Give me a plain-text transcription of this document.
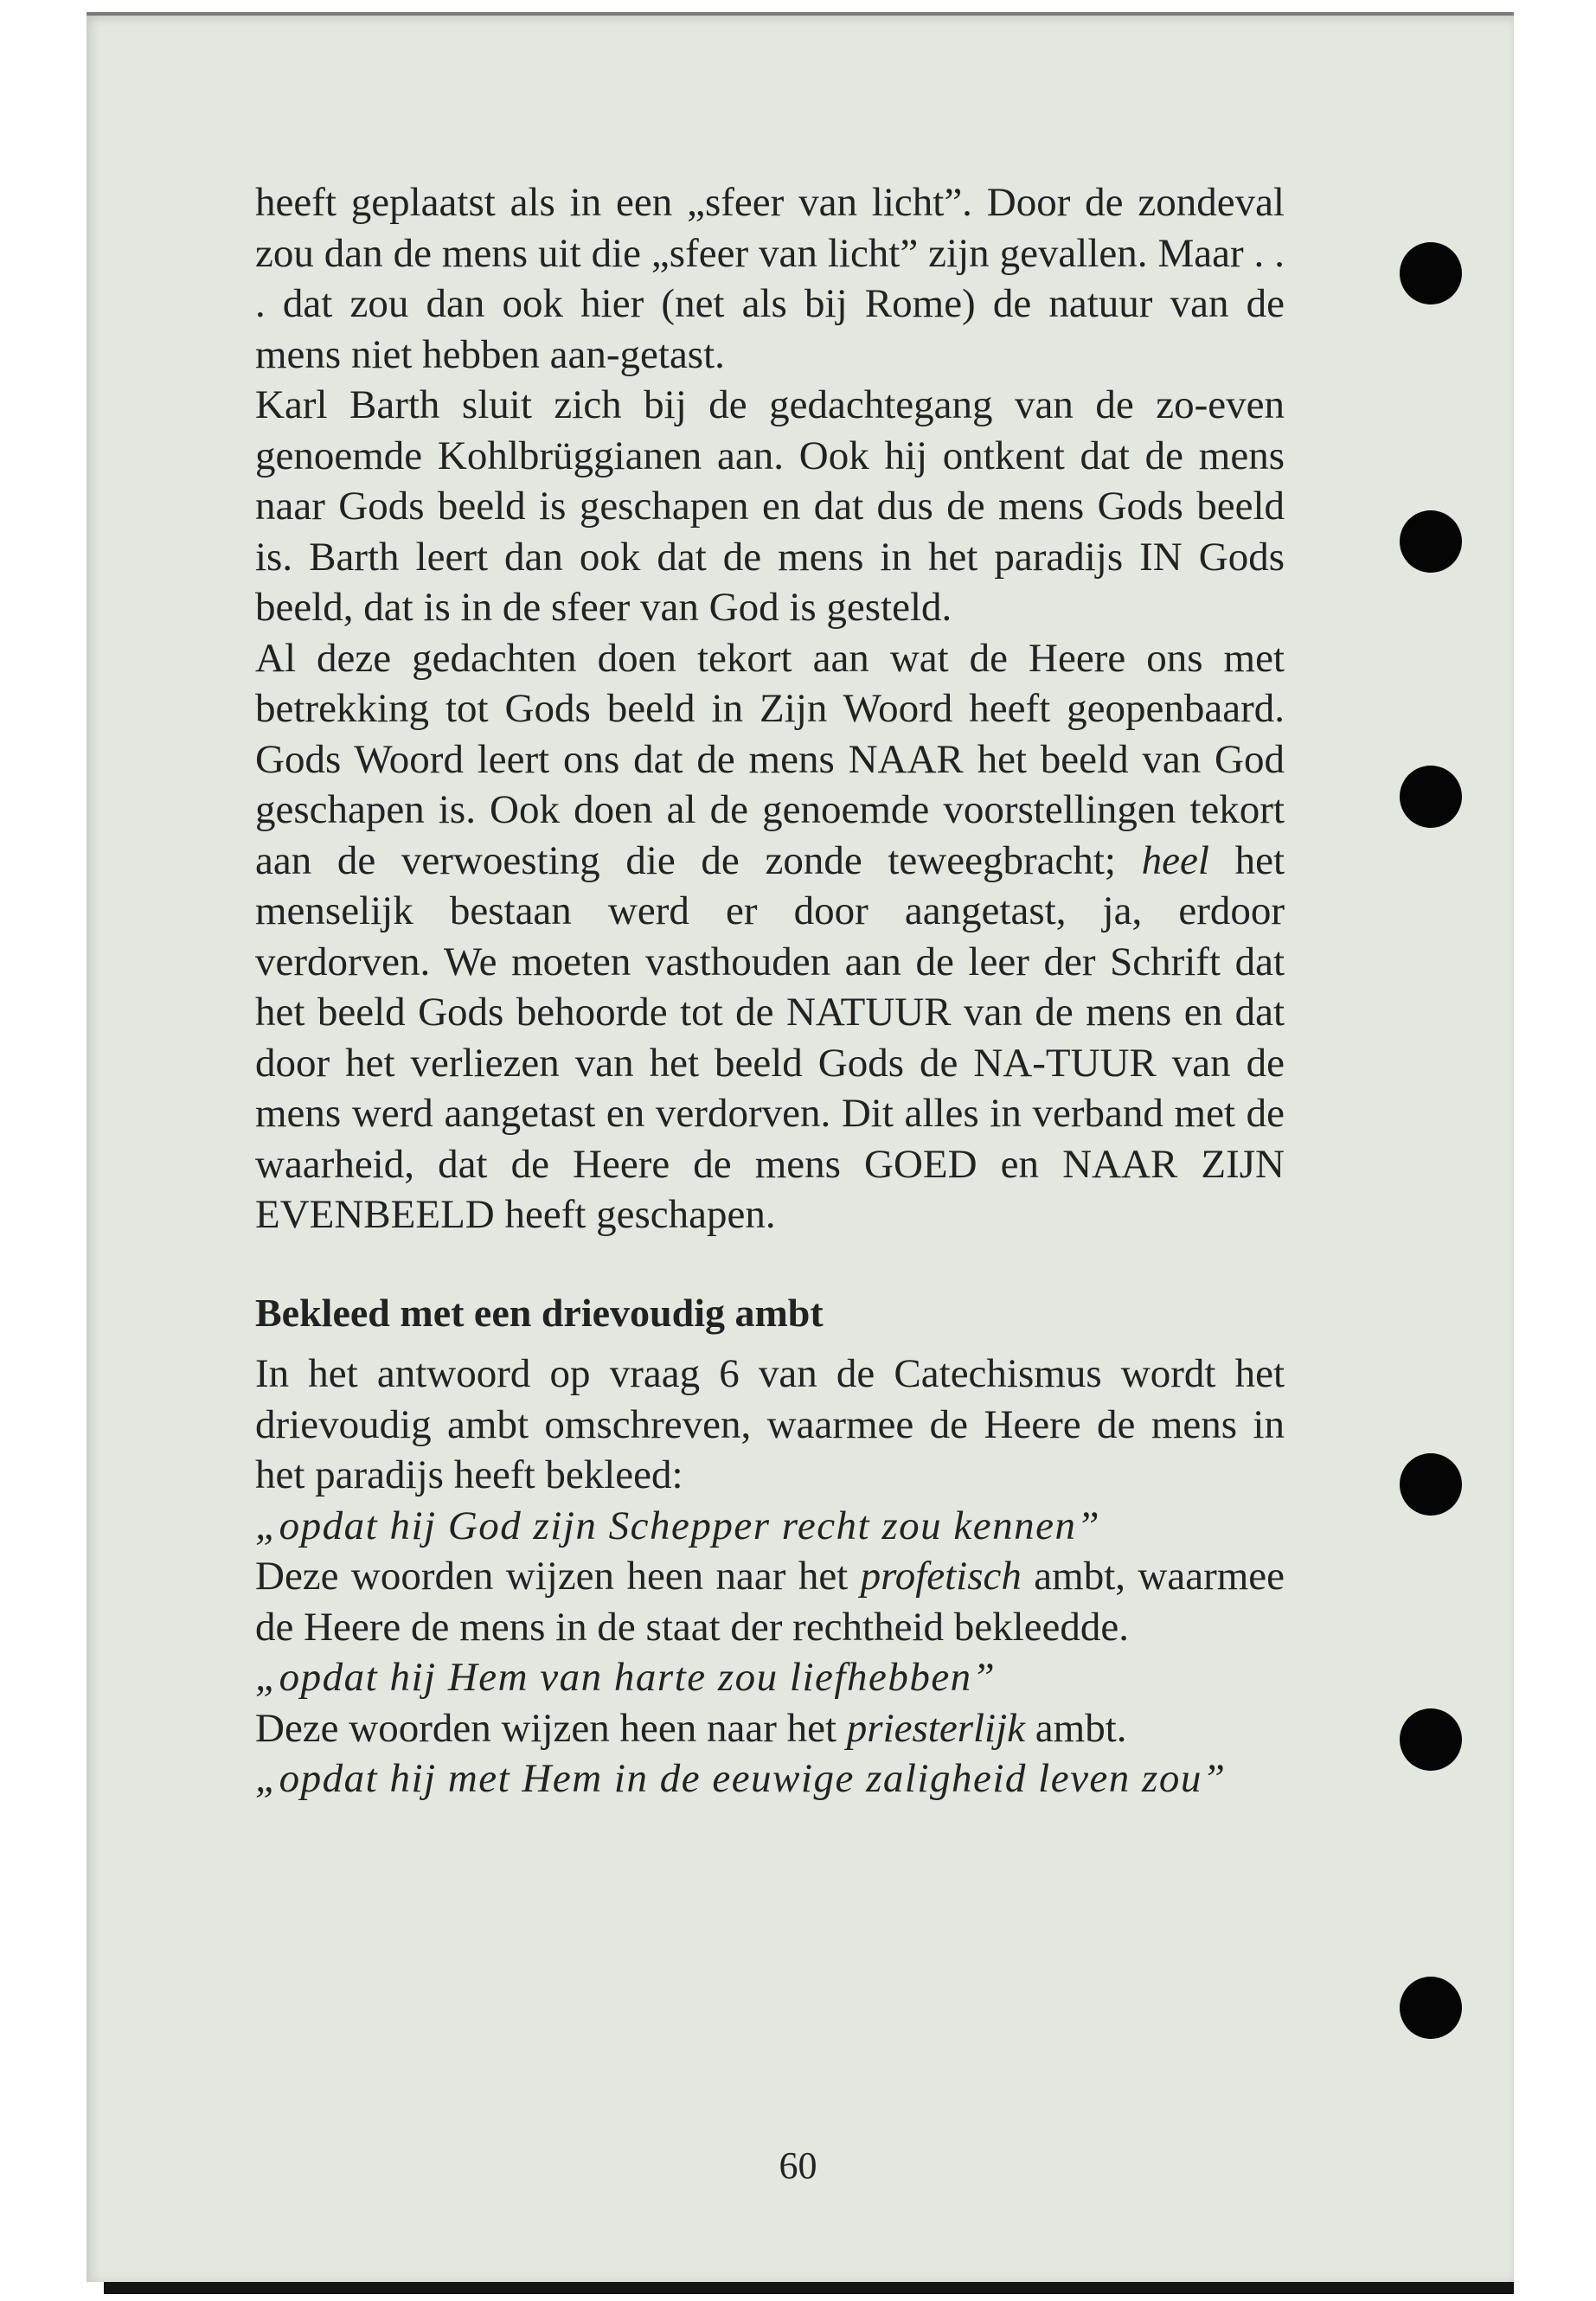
heeft geplaatst als in een „sfeer van licht”. Door de zondeval zou dan de mens uit die „sfeer van licht” zijn gevallen. Maar . . . dat zou dan ook hier (net als bij Rome) de natuur van de mens niet hebben aan-getast.

Karl Barth sluit zich bij de gedachtegang van de zo-even genoemde Kohlbrüggianen aan. Ook hij ontkent dat de mens naar Gods beeld is geschapen en dat dus de mens Gods beeld is. Barth leert dan ook dat de mens in het paradijs IN Gods beeld, dat is in de sfeer van God is gesteld.

Al deze gedachten doen tekort aan wat de Heere ons met betrekking tot Gods beeld in Zijn Woord heeft geopenbaard. Gods Woord leert ons dat de mens NAAR het beeld van God geschapen is. Ook doen al de genoemde voorstellingen tekort aan de verwoesting die de zonde teweegbracht; heel het menselijk bestaan werd er door aangetast, ja, erdoor verdorven. We moeten vasthouden aan de leer der Schrift dat het beeld Gods behoorde tot de NATUUR van de mens en dat door het verliezen van het beeld Gods de NA-TUUR van de mens werd aangetast en verdorven. Dit alles in verband met de waarheid, dat de Heere de mens GOED en NAAR ZIJN EVENBEELD heeft geschapen.

Bekleed met een drievoudig ambt

In het antwoord op vraag 6 van de Catechismus wordt het drievoudig ambt omschreven, waarmee de Heere de mens in het paradijs heeft bekleed:

„opdat hij God zijn Schepper recht zou kennen”

Deze woorden wijzen heen naar het profetisch ambt, waarmee de Heere de mens in de staat der rechtheid bekleedde.

„opdat hij Hem van harte zou liefhebben”

Deze woorden wijzen heen naar het priesterlijk ambt.

„opdat hij met Hem in de eeuwige zaligheid leven zou”

60
